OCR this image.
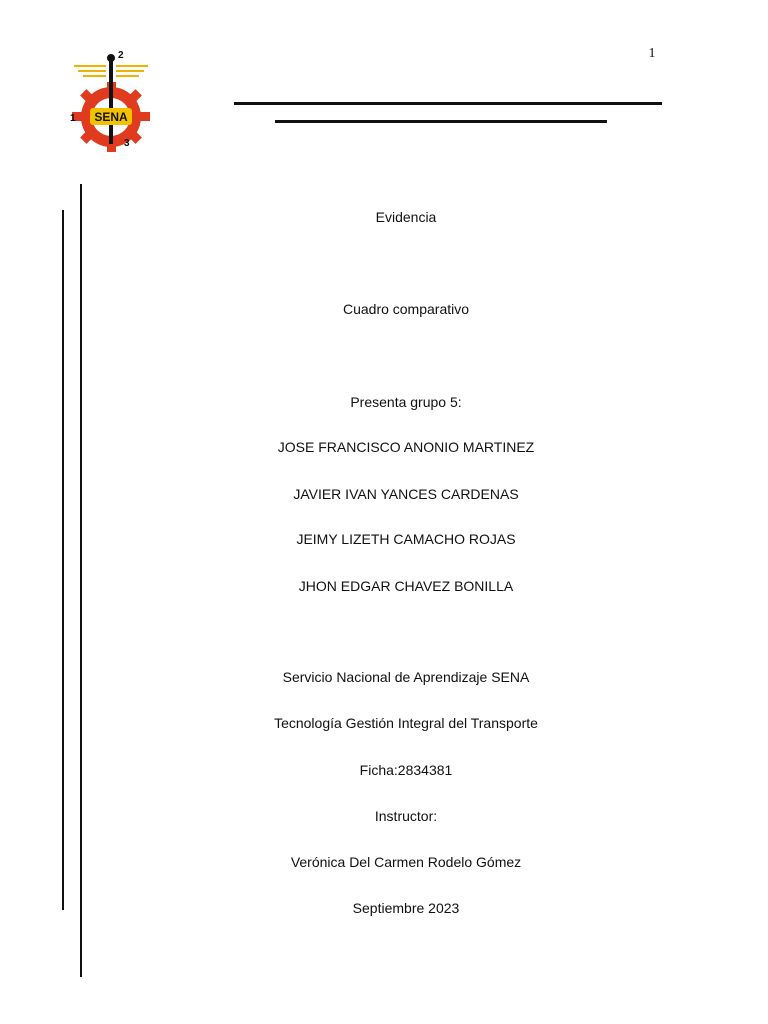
SENA
2
1
3
1
Evidencia
Cuadro comparativo
Presenta grupo 5:
JOSE FRANCISCO ANONIO MARTINEZ
JAVIER IVAN YANCES CARDENAS
JEIMY LIZETH CAMACHO ROJAS
JHON EDGAR CHAVEZ BONILLA
Servicio Nacional de Aprendizaje SENA
Tecnología Gestión Integral del Transporte
Ficha:2834381
Instructor:
Verónica Del Carmen Rodelo Gómez
Septiembre 2023
